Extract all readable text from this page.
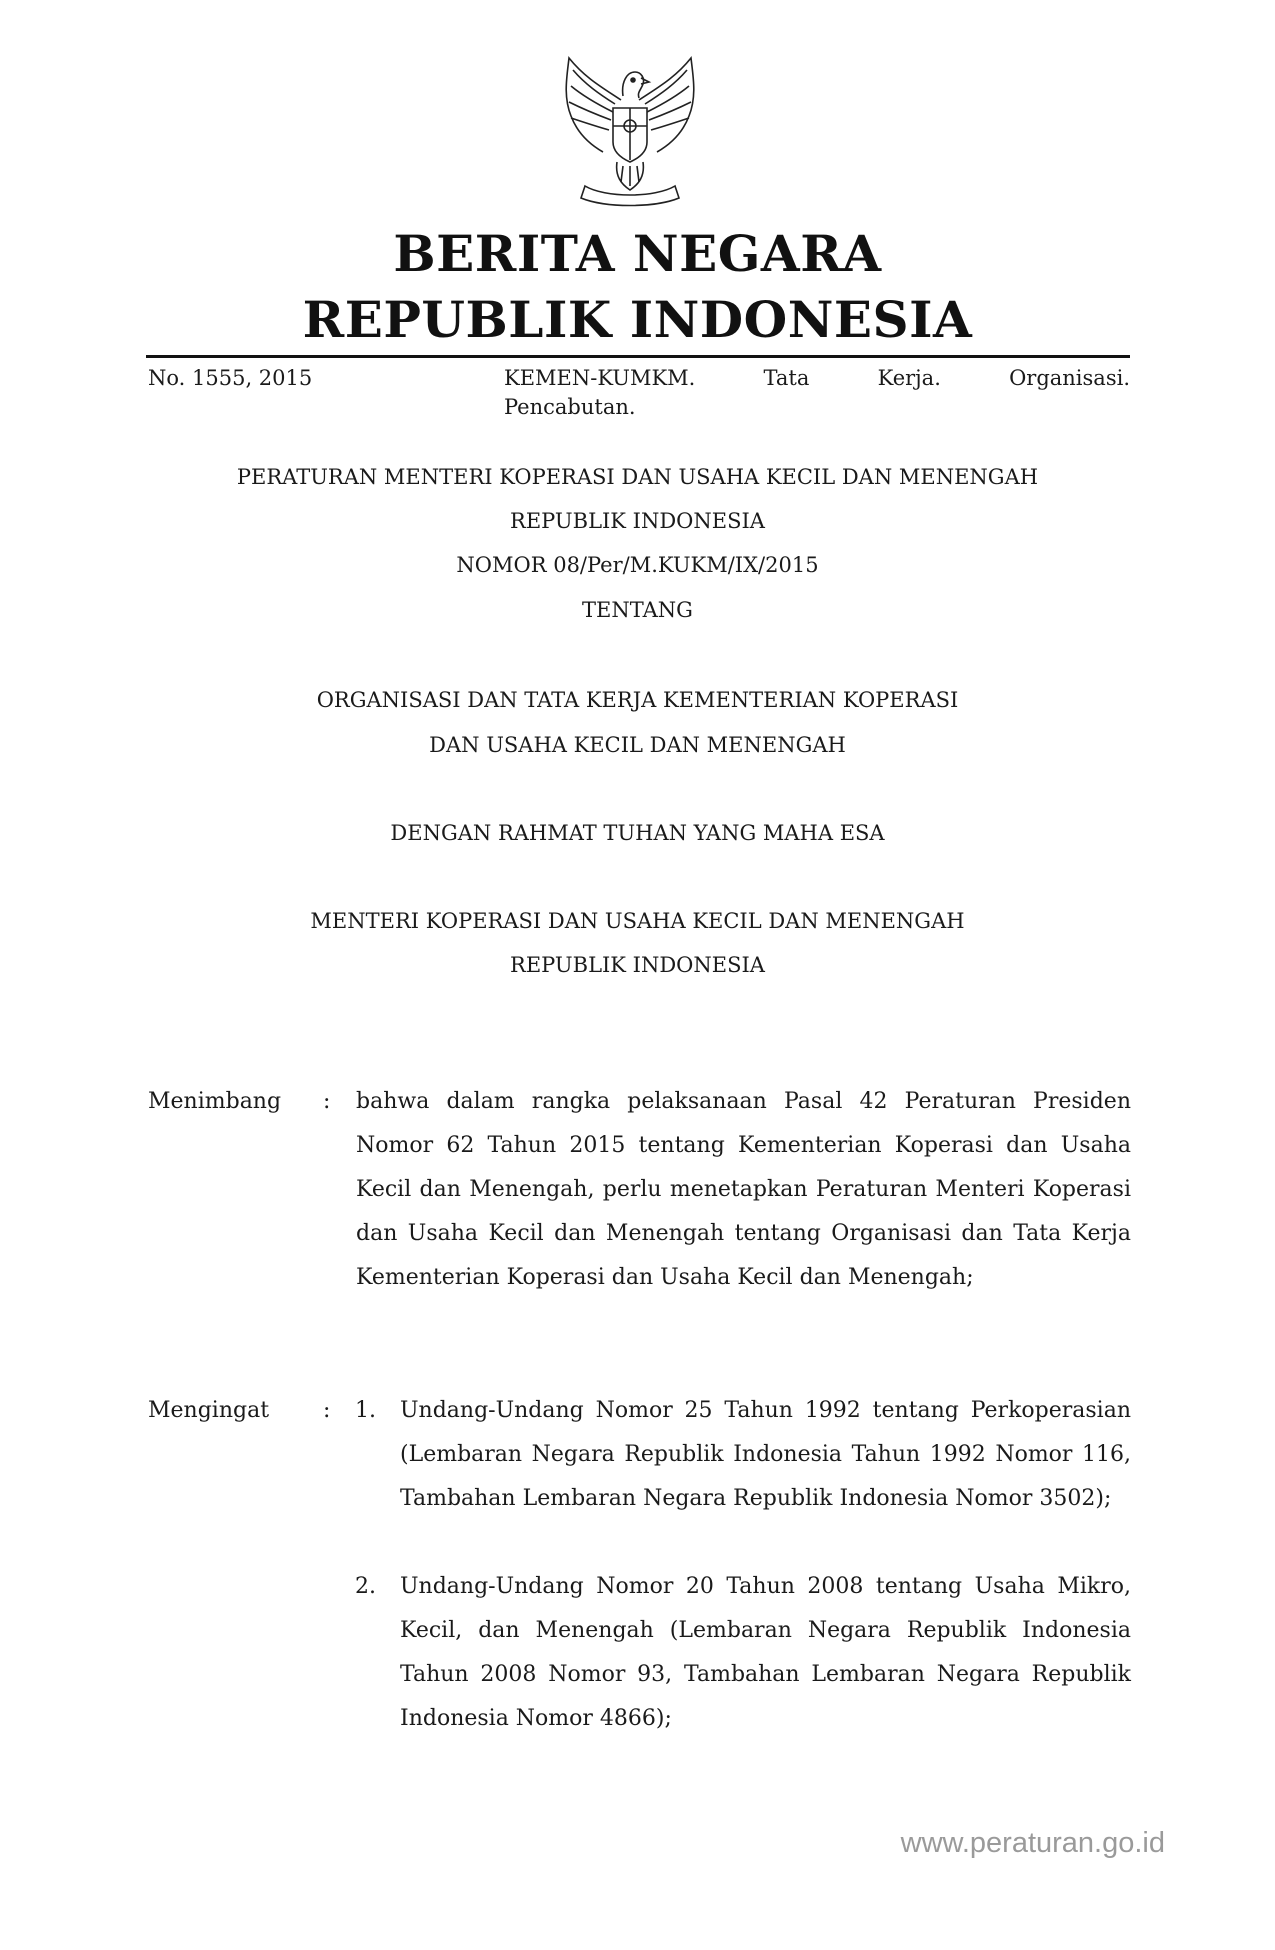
BERITA NEGARA
REPUBLIK INDONESIA
No. 1555, 2015	KEMEN-KUMKM. Tata Kerja. Organisasi.
Pencabutan.

PERATURAN MENTERI KOPERASI DAN USAHA KECIL DAN MENENGAH

REPUBLIK INDONESIA

NOMOR 08/Per/M.KUKM/IX/2015

TENTANG

ORGANISASI DAN TATA KERJA KEMENTERIAN KOPERASI

DAN USAHA KECIL DAN MENENGAH

DENGAN RAHMAT TUHAN YANG MAHA ESA

MENTERI KOPERASI DAN USAHA KECIL DAN MENENGAH

REPUBLIK INDONESIA

Menimbang : bahwa dalam rangka pelaksanaan Pasal 42 Peraturan Presiden Nomor 62 Tahun 2015 tentang Kementerian Koperasi dan Usaha Kecil dan Menengah, perlu menetapkan Peraturan Menteri Koperasi dan Usaha Kecil dan Menengah tentang Organisasi dan Tata Kerja Kementerian Koperasi dan Usaha Kecil dan Menengah;
Mengingat : 1. Undang-Undang Nomor 25 Tahun 1992 tentang Perkoperasian (Lembaran Negara Republik Indonesia Tahun 1992 Nomor 116, Tambahan Lembaran Negara Republik Indonesia Nomor 3502);
2. Undang-Undang Nomor 20 Tahun 2008 tentang Usaha Mikro, Kecil, dan Menengah (Lembaran Negara Republik Indonesia Tahun 2008 Nomor 93, Tambahan Lembaran Negara Republik Indonesia Nomor 4866);
www.peraturan.go.id
